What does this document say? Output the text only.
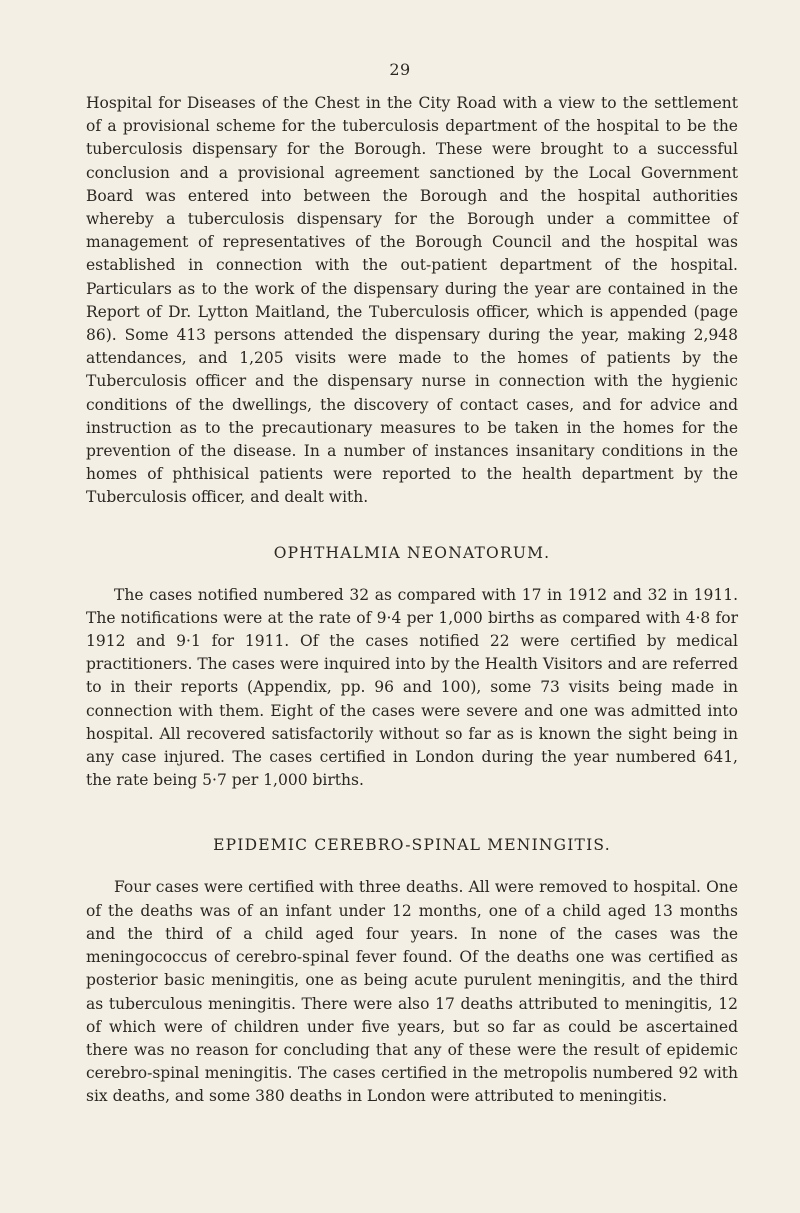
29

Hospital for Diseases of the Chest in the City Road with a view to the settlement of a provisional scheme for the tuberculosis department of the hospital to be the tuberculosis dispensary for the Borough. These were brought to a successful conclusion and a provisional agreement sanctioned by the Local Government Board was entered into between the Borough and the hospital authorities whereby a tuberculosis dispensary for the Borough under a committee of management of representatives of the Borough Council and the hospital was established in connection with the out-patient department of the hospital. Particulars as to the work of the dispensary during the year are contained in the Report of Dr. Lytton Maitland, the Tuberculosis officer, which is appended (page 86). Some 413 persons attended the dispensary during the year, making 2,948 attendances, and 1,205 visits were made to the homes of patients by the Tuberculosis officer and the dispensary nurse in connection with the hygienic conditions of the dwellings, the discovery of contact cases, and for advice and instruction as to the precautionary measures to be taken in the homes for the prevention of the disease. In a number of instances insanitary conditions in the homes of phthisical patients were reported to the health department by the Tuberculosis officer, and dealt with.

OPHTHALMIA NEONATORUM.

The cases notified numbered 32 as compared with 17 in 1912 and 32 in 1911. The notifications were at the rate of 9·4 per 1,000 births as compared with 4·8 for 1912 and 9·1 for 1911. Of the cases notified 22 were certified by medical practitioners. The cases were inquired into by the Health Visitors and are referred to in their reports (Appendix, pp. 96 and 100), some 73 visits being made in connection with them. Eight of the cases were severe and one was admitted into hospital. All recovered satisfactorily without so far as is known the sight being in any case injured. The cases certified in London during the year numbered 641, the rate being 5·7 per 1,000 births.

EPIDEMIC CEREBRO-SPINAL MENINGITIS.

Four cases were certified with three deaths. All were removed to hospital. One of the deaths was of an infant under 12 months, one of a child aged 13 months and the third of a child aged four years. In none of the cases was the meningococcus of cerebro-spinal fever found. Of the deaths one was certified as posterior basic meningitis, one as being acute purulent meningitis, and the third as tuberculous meningitis. There were also 17 deaths attributed to meningitis, 12 of which were of children under five years, but so far as could be ascertained there was no reason for concluding that any of these were the result of epidemic cerebro-spinal meningitis. The cases certified in the metropolis numbered 92 with six deaths, and some 380 deaths in London were attributed to meningitis.
